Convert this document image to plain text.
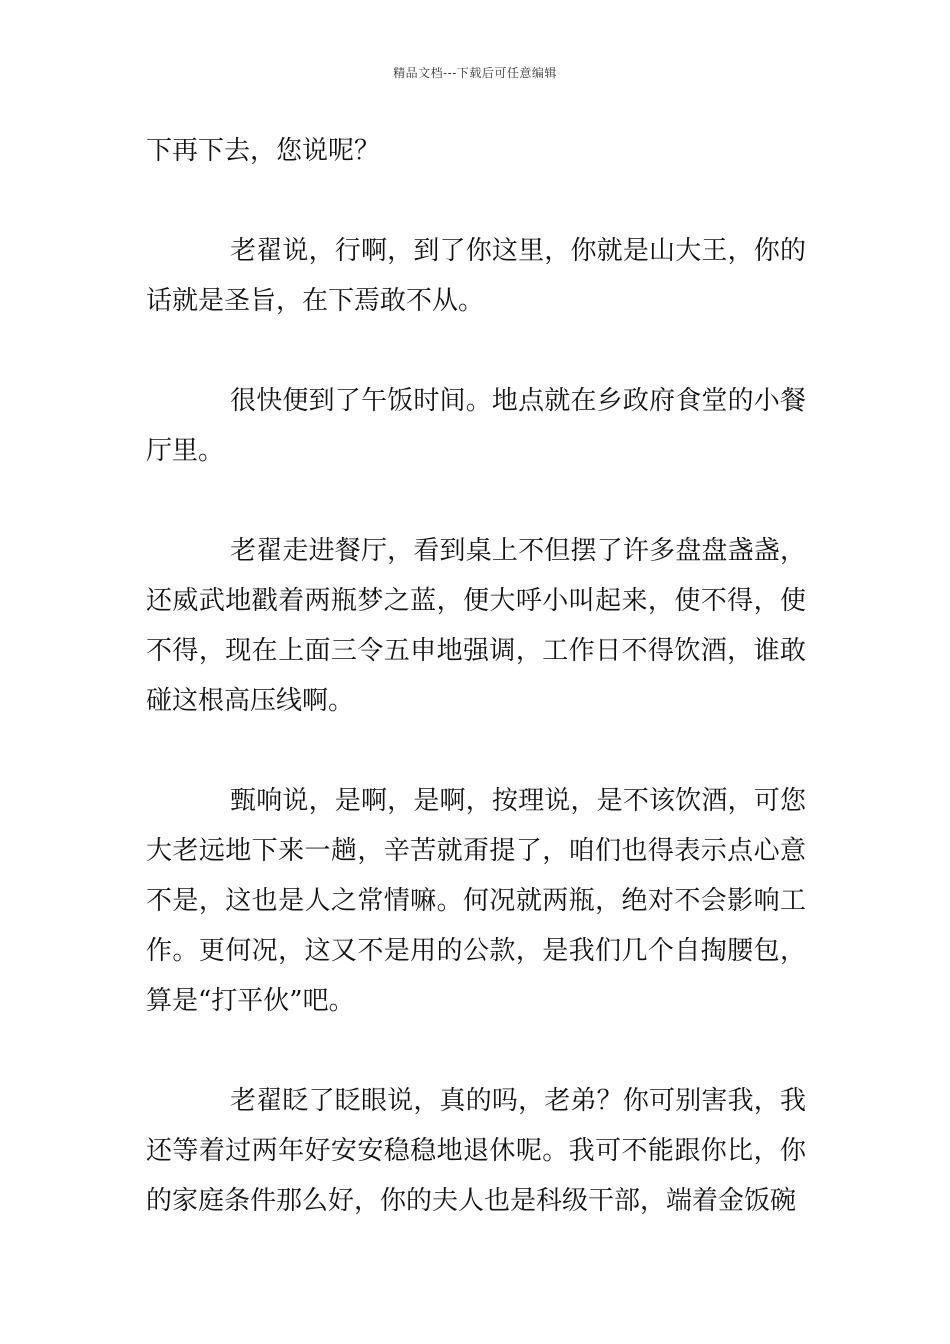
精品文档---下载后可任意编辑

下再下去，您说呢？

老翟说，行啊，到了你这里，你就是山大王，你的话就是圣旨，在下焉敢不从。

很快便到了午饭时间。地点就在乡政府食堂的小餐厅里。

老翟走进餐厅，看到桌上不但摆了许多盘盘盏盏，还威武地戳着两瓶梦之蓝，便大呼小叫起来，使不得，使不得，现在上面三令五申地强调，工作日不得饮酒，谁敢碰这根高压线啊。

甄响说，是啊，是啊，按理说，是不该饮酒，可您大老远地下来一趟，辛苦就甭提了，咱们也得表示点心意不是，这也是人之常情嘛。何况就两瓶，绝对不会影响工作。更何况，这又不是用的公款，是我们几个自掏腰包，算是“打平伙”吧。

老翟眨了眨眼说，真的吗，老弟？你可别害我，我还等着过两年好安安稳稳地退休呢。我可不能跟你比，你的家庭条件那么好，你的夫人也是科级干部，端着金饭碗
